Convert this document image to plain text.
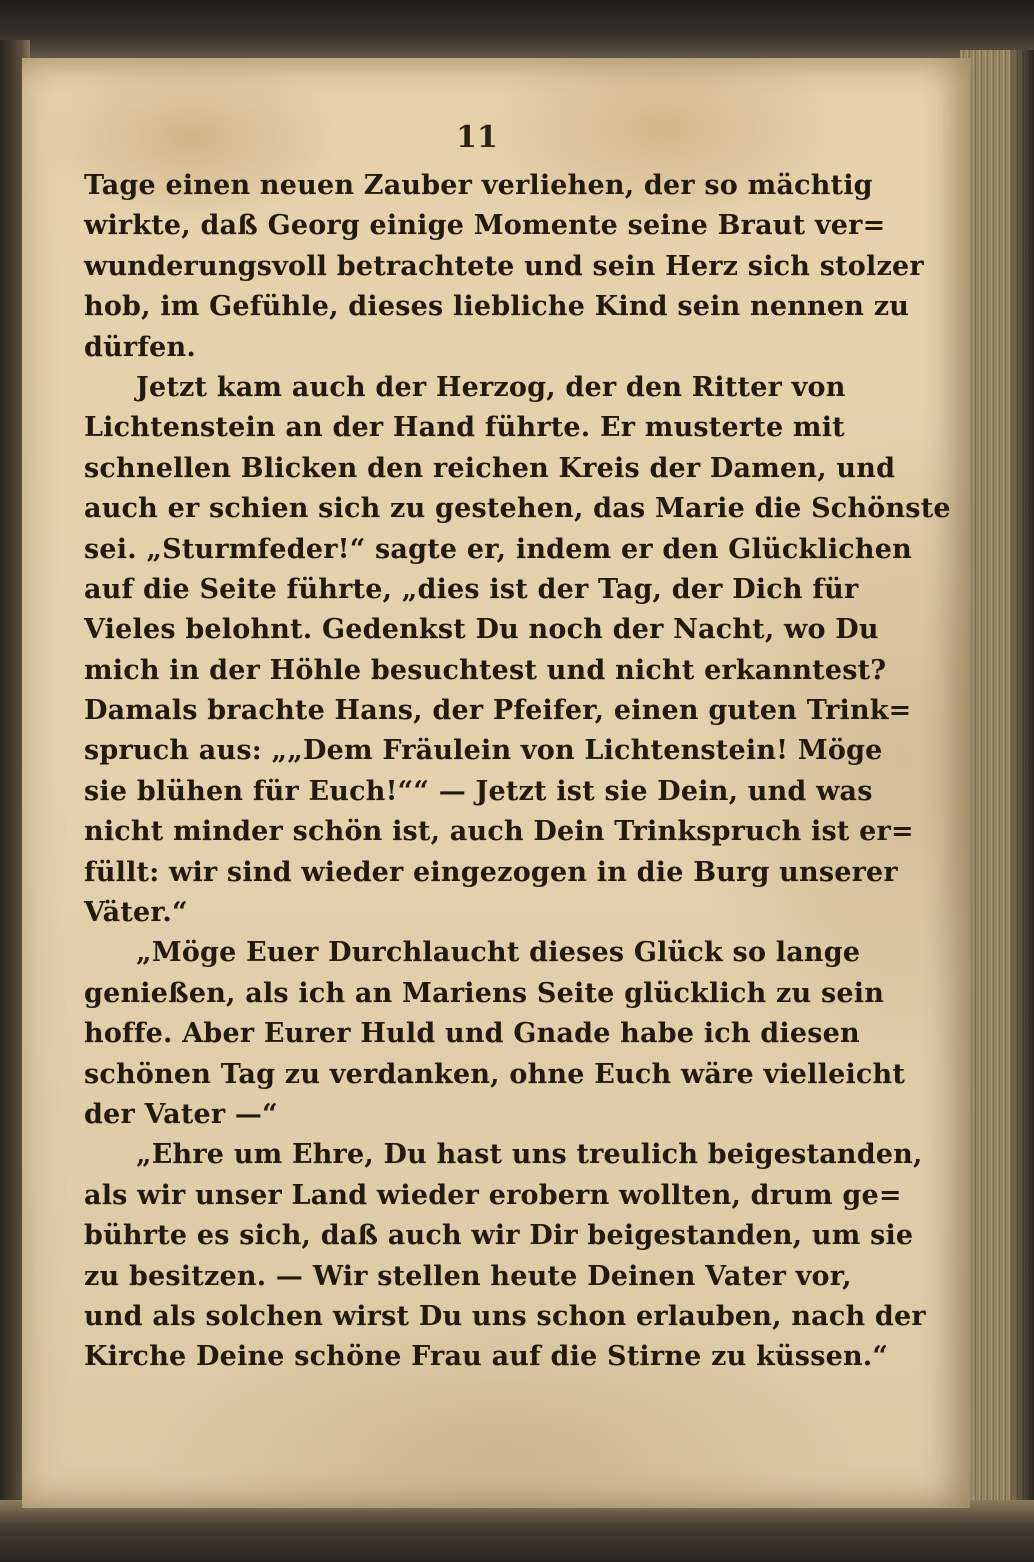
11
Tage einen neuen Zauber verliehen, der so mächtig
wirkte, daß Georg einige Momente seine Braut ver=
wunderungsvoll betrachtete und sein Herz sich stolzer
hob, im Gefühle, dieses liebliche Kind sein nennen zu
dürfen.
Jetzt kam auch der Herzog, der den Ritter von
Lichtenstein an der Hand führte. Er musterte mit
schnellen Blicken den reichen Kreis der Damen, und
auch er schien sich zu gestehen, das Marie die Schönste
sei. „Sturmfeder!“ sagte er, indem er den Glücklichen
auf die Seite führte, „dies ist der Tag, der Dich für
Vieles belohnt. Gedenkst Du noch der Nacht, wo Du
mich in der Höhle besuchtest und nicht erkanntest?
Damals brachte Hans, der Pfeifer, einen guten Trink=
spruch aus: „„Dem Fräulein von Lichtenstein! Möge
sie blühen für Euch!““ — Jetzt ist sie Dein, und was
nicht minder schön ist, auch Dein Trinkspruch ist er=
füllt: wir sind wieder eingezogen in die Burg unserer
Väter.“
„Möge Euer Durchlaucht dieses Glück so lange
genießen, als ich an Mariens Seite glücklich zu sein
hoffe. Aber Eurer Huld und Gnade habe ich diesen
schönen Tag zu verdanken, ohne Euch wäre vielleicht
der Vater —“
„Ehre um Ehre, Du hast uns treulich beigestanden,
als wir unser Land wieder erobern wollten, drum ge=
bührte es sich, daß auch wir Dir beigestanden, um sie
zu besitzen. — Wir stellen heute Deinen Vater vor,
und als solchen wirst Du uns schon erlauben, nach der
Kirche Deine schöne Frau auf die Stirne zu küssen.“
